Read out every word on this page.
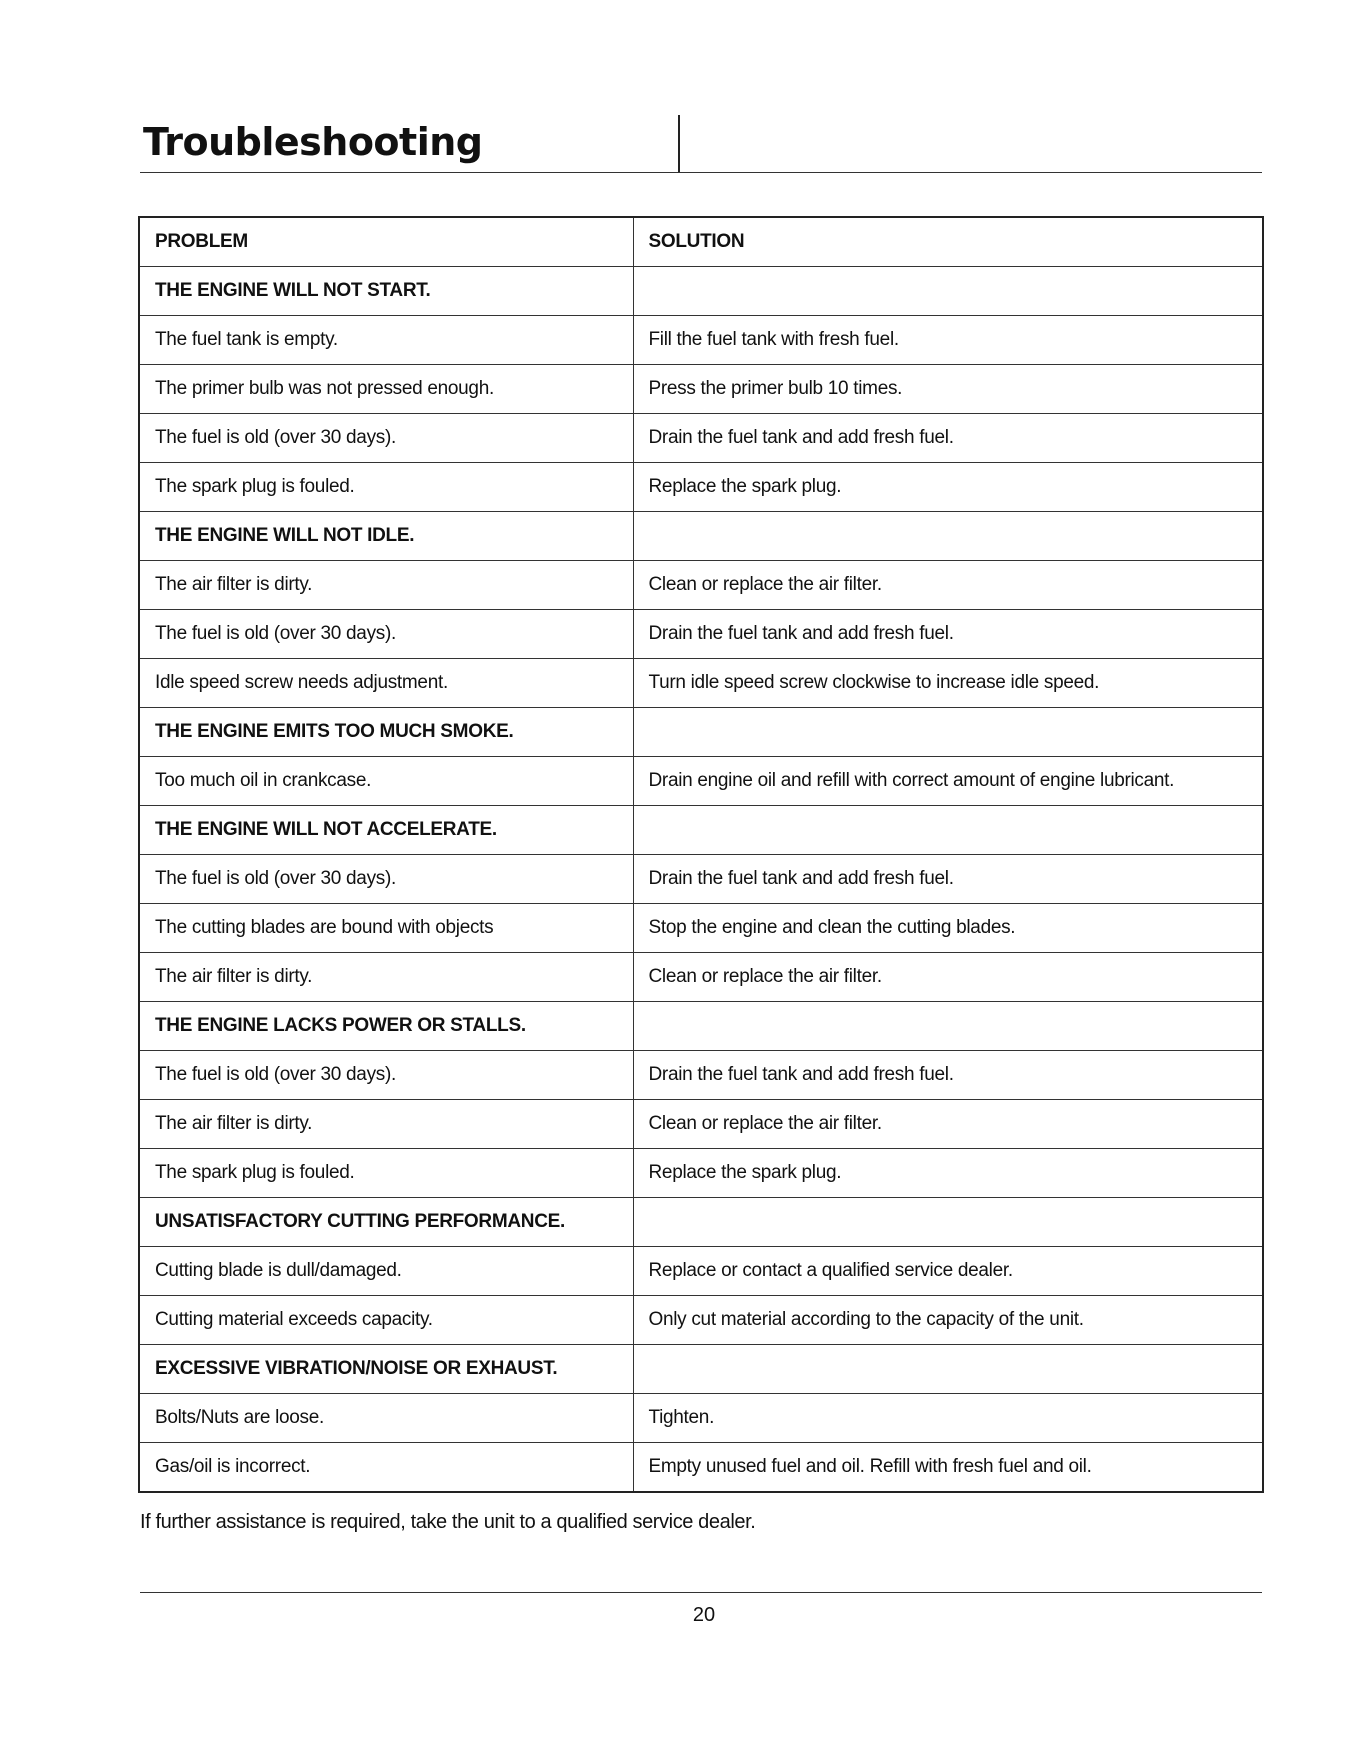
Troubleshooting
PROBLEM	SOLUTION
THE ENGINE WILL NOT START.	
The fuel tank is empty.	Fill the fuel tank with fresh fuel.
The primer bulb was not pressed enough.	Press the primer bulb 10 times.
The fuel is old (over 30 days).	Drain the fuel tank and add fresh fuel.
The spark plug is fouled.	Replace the spark plug.
THE ENGINE WILL NOT IDLE.	
The air filter is dirty.	Clean or replace the air filter.
The fuel is old (over 30 days).	Drain the fuel tank and add fresh fuel.
Idle speed screw needs adjustment.	Turn idle speed screw clockwise to increase idle speed.
THE ENGINE EMITS TOO MUCH SMOKE.	
Too much oil in crankcase.	Drain engine oil and refill with correct amount of engine lubricant.
THE ENGINE WILL NOT ACCELERATE.	
The fuel is old (over 30 days).	Drain the fuel tank and add fresh fuel.
The cutting blades are bound with objects	Stop the engine and clean the cutting blades.
The air filter is dirty.	Clean or replace the air filter.
THE ENGINE LACKS POWER OR STALLS.	
The fuel is old (over 30 days).	Drain the fuel tank and add fresh fuel.
The air filter is dirty.	Clean or replace the air filter.
The spark plug is fouled.	Replace the spark plug.
UNSATISFACTORY CUTTING PERFORMANCE.	
Cutting blade is dull/damaged.	Replace or contact a qualified service dealer.
Cutting material exceeds capacity.	Only cut material according to the capacity of the unit.
EXCESSIVE VIBRATION/NOISE OR EXHAUST.	
Bolts/Nuts are loose.	Tighten.
Gas/oil is incorrect.	Empty unused fuel and oil. Refill with fresh fuel and oil.
If further assistance is required, take the unit to a qualified service dealer.
20
